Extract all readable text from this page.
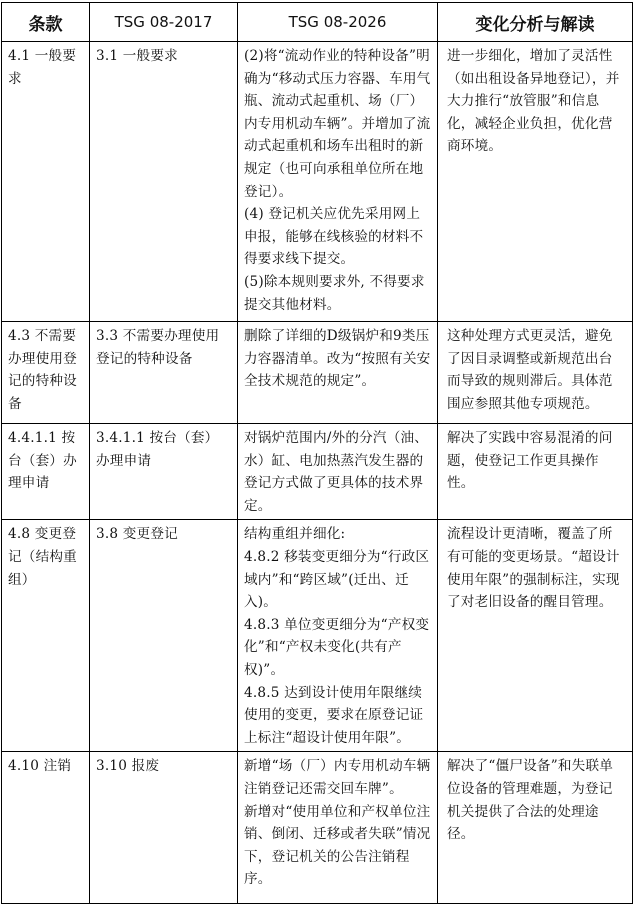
条款	TSG 08-2017	TSG 08-2026	变化分析与解读
4.1 一般要求	3.1 一般要求	(2)将“流动作业的特种设备”明确为“移动式压力容器、车用气瓶、流动式起重机、场（厂）内专用机动车辆”。并增加了流动式起重机和场车出租时的新规定（也可向承租单位所在地登记）。

(4) 登记机关应优先采用网上申报，能够在线核验的材料不得要求线下提交。

(5)除本规则要求外, 不得要求提交其他材料。	进一步细化，增加了灵活性（如出租设备异地登记），并大力推行“放管服”和信息化，减轻企业负担，优化营商环境。
4.3 不需要办理使用登记的特种设备	3.3 不需要办理使用登记的特种设备	删除了详细的D级锅炉和9类压力容器清单。改为“按照有关安全技术规范的规定”。	这种处理方式更灵活，避免了因目录调整或新规范出台而导致的规则滞后。具体范围应参照其他专项规范。
4.4.1.1 按台（套）办理申请	3.4.1.1 按台（套）办理申请	对锅炉范围内/外的分汽（油、水）缸、电加热蒸汽发生器的登记方式做了更具体的技术界定。	解决了实践中容易混淆的问题，使登记工作更具操作性。
4.8 变更登记（结构重组）	3.8 变更登记	结构重组并细化:

4.8.2 移装变更细分为“行政区域内”和“跨区域”(迁出、迁入)。

4.8.3 单位变更细分为“产权变化”和“产权未变化(共有产权)”。

4.8.5 达到设计使用年限继续使用的变更，要求在原登记证上标注“超设计使用年限”。	流程设计更清晰，覆盖了所有可能的变更场景。“超设计使用年限”的强制标注，实现了对老旧设备的醒目管理。
4.10 注销	3.10 报废	新增“场（厂）内专用机动车辆注销登记还需交回车牌”。

新增对“使用单位和产权单位注销、倒闭、迁移或者失联”情况下，登记机关的公告注销程序。	解决了“僵尸设备”和失联单位设备的管理难题，为登记机关提供了合法的处理途径。
